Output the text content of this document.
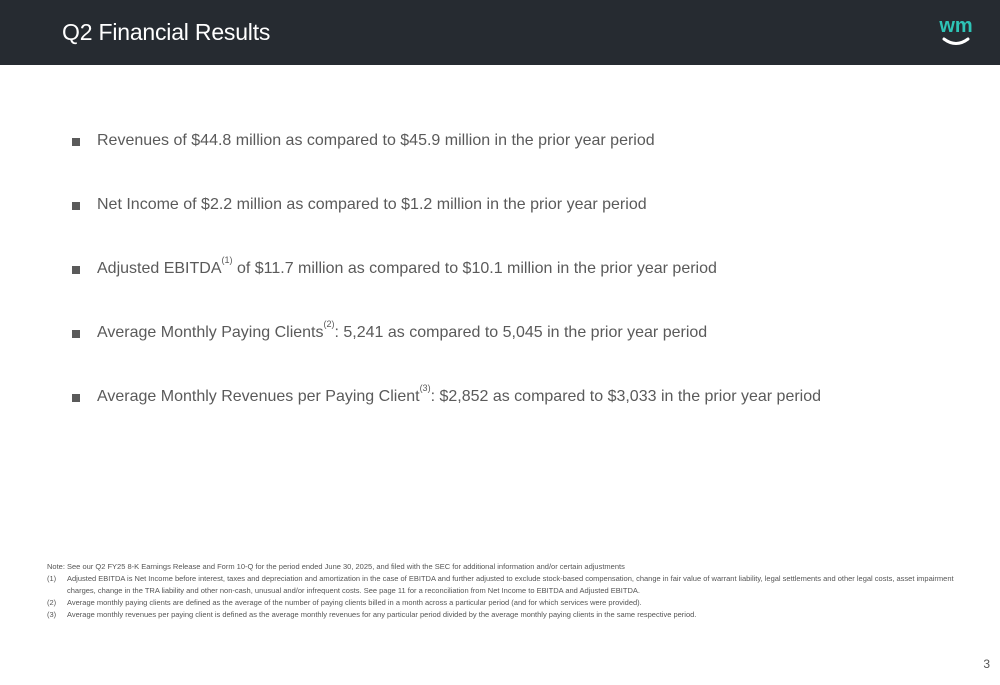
Q2 Financial Results	wm
Revenues of $44.8 million as compared to $45.9 million in the prior year period
Net Income of $2.2 million as compared to $1.2 million in the prior year period
Adjusted EBITDA$^{(1)}$ of $11.7 million as compared to $10.1 million in the prior year period
Average Monthly Paying Clients$^{(2)}$: 5,241 as compared to 5,045 in the prior year period
Average Monthly Revenues per Paying Client$^{(3)}$: $2,852 as compared to $3,033 in the prior year period
Note: See our Q2 FY25 8-K Earnings Release and Form 10-Q for the period ended June 30, 2025, and filed with the SEC for additional information and/or certain adjustments
(1) Adjusted EBITDA is Net Income before interest, taxes and depreciation and amortization in the case of EBITDA and further adjusted to exclude stock-based compensation, change in fair value of warrant liability, legal settlements and other legal costs, asset impairment charges, change in the TRA liability and other non-cash, unusual and/or infrequent costs. See page 11 for a reconciliation from Net Income to EBITDA and Adjusted EBITDA.
(2) Average monthly paying clients are defined as the average of the number of paying clients billed in a month across a particular period (and for which services were provided).
(3) Average monthly revenues per paying client is defined as the average monthly revenues for any particular period divided by the average monthly paying clients in the same respective period.
3
